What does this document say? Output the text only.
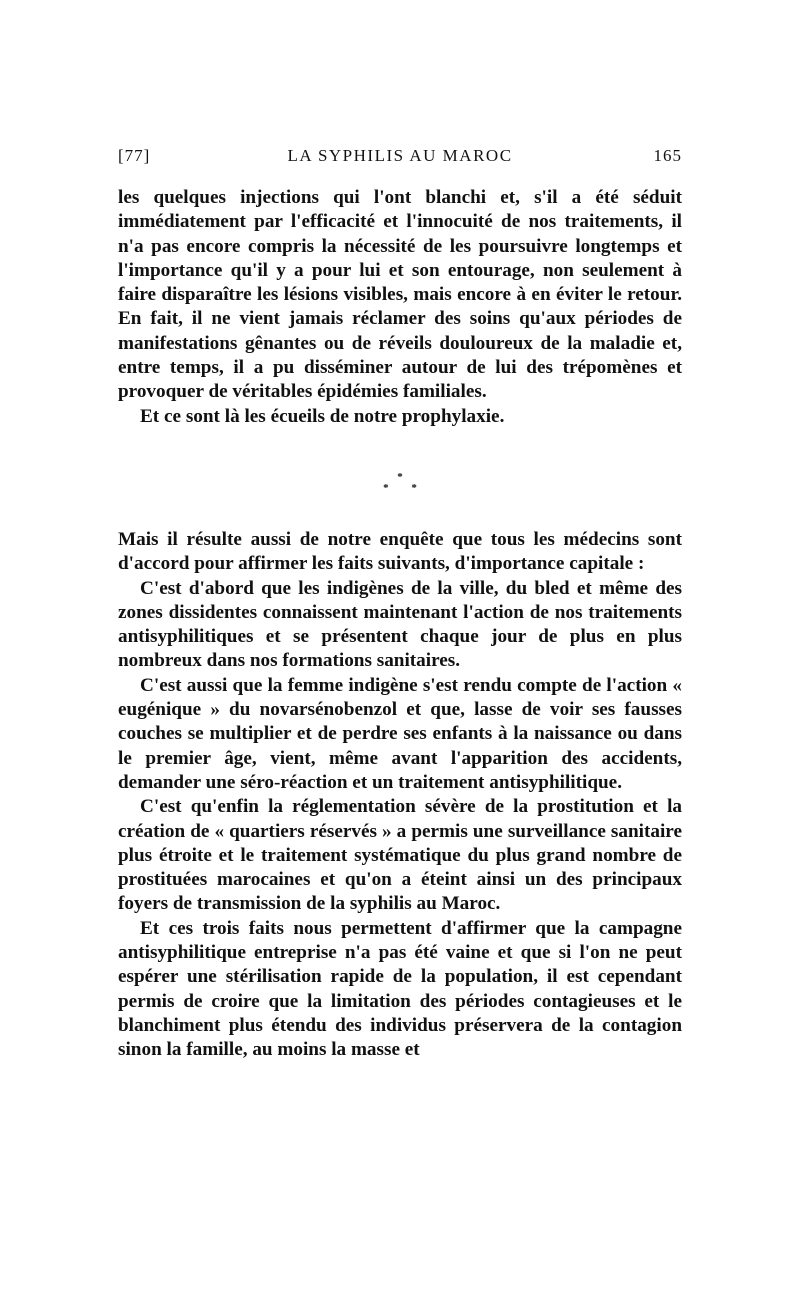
[77]	LA SYPHILIS AU MAROC	165

les quelques injections qui l'ont blanchi et, s'il a été séduit immédiatement par l'efficacité et l'innocuité de nos traitements, il n'a pas encore compris la nécessité de les poursuivre longtemps et l'importance qu'il y a pour lui et son entourage, non seulement à faire disparaître les lésions visibles, mais encore à en éviter le retour. En fait, il ne vient jamais réclamer des soins qu'aux périodes de manifestations gênantes ou de réveils douloureux de la maladie et, entre temps, il a pu disséminer autour de lui des trépomènes et provoquer de véritables épidémies familiales.

Et ce sont là les écueils de notre prophylaxie.

*
* *

Mais il résulte aussi de notre enquête que tous les médecins sont d'accord pour affirmer les faits suivants, d'importance capitale :

C'est d'abord que les indigènes de la ville, du bled et même des zones dissidentes connaissent maintenant l'action de nos traitements antisyphilitiques et se présentent chaque jour de plus en plus nombreux dans nos formations sanitaires.

C'est aussi que la femme indigène s'est rendu compte de l'action « eugénique » du novarsénobenzol et que, lasse de voir ses fausses couches se multiplier et de perdre ses enfants à la naissance ou dans le premier âge, vient, même avant l'apparition des accidents, demander une séro-réaction et un traitement antisyphilitique.

C'est qu'enfin la réglementation sévère de la prostitution et la création de « quartiers réservés » a permis une surveillance sanitaire plus étroite et le traitement systématique du plus grand nombre de prostituées marocaines et qu'on a éteint ainsi un des principaux foyers de transmission de la syphilis au Maroc.

Et ces trois faits nous permettent d'affirmer que la campagne antisyphilitique entreprise n'a pas été vaine et que si l'on ne peut espérer une stérilisation rapide de la population, il est cependant permis de croire que la limitation des périodes contagieuses et le blanchiment plus étendu des individus préservera de la contagion sinon la famille, au moins la masse et
